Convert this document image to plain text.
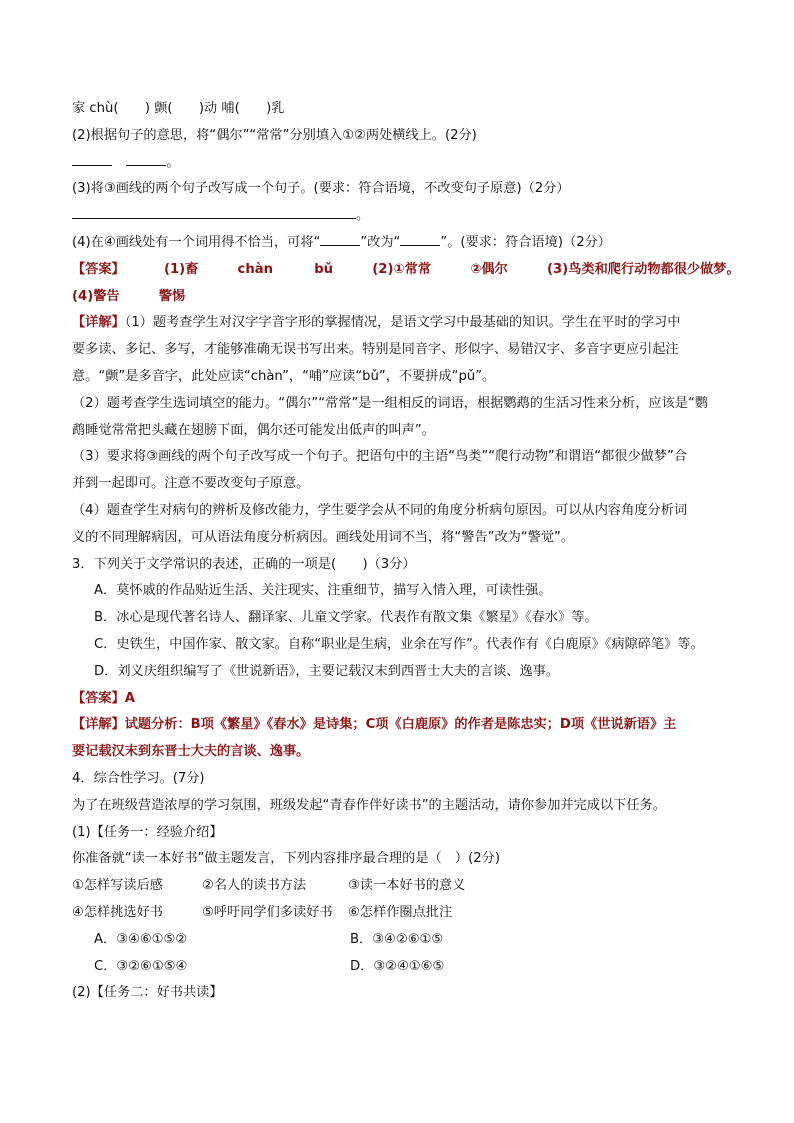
家 chù(　　) 颤(　　)动 哺(　　)乳
(2)根据句子的意思，将“偶尔”“常常”分别填入①②两处横线上。(2分)
。
(3)将③画线的两个句子改写成一个句子。(要求：符合语境，不改变句子原意)（2分）
。
(4)在④画线处有一个词用得不恰当，可将“	”改为“	”。(要求：符合语境)（2分）
【答案】	(1)畜	chàn	bǔ	(2)①常常	②偶尔	(3)鸟类和爬行动物都很少做梦。
(4)警告	警惕
【详解】（1）题考查学生对汉字字音字形的掌握情况，是语文学习中最基础的知识。学生在平时的学习中
要多读、多记、多写，才能够准确无误书写出来。特别是同音字、形似字、易错汉字、多音字更应引起注
意。“颤”是多音字，此处应读“chàn”，“哺”应读“bǔ”，不要拼成“pǔ”。
（2）题考查学生选词填空的能力。“偶尔”“常常”是一组相反的词语，根据鹦鹉的生活习性来分析，应该是“鹦
鹉睡觉常常把头藏在翅膀下面，偶尔还可能发出低声的叫声”。
（3）要求将③画线的两个句子改写成一个句子。把语句中的主语“鸟类”“爬行动物”和谓语“都很少做梦”合
并到一起即可。注意不要改变句子原意。
（4）题查学生对病句的辨析及修改能力，学生要学会从不同的角度分析病句原因。可以从内容角度分析词
义的不同理解病因，可从语法角度分析病因。画线处用词不当，将“警告”改为“警觉”。
3．下列关于文学常识的表述，正确的一项是(　　)（3分）
A．莫怀戚的作品贴近生活、关注现实、注重细节，描写入情入理，可读性强。
B．冰心是现代著名诗人、翻译家、儿童文学家。代表作有散文集《繁星》《春水》等。
C．史铁生，中国作家、散文家。自称“职业是生病，业余在写作”。代表作有《白鹿原》《病隙碎笔》等。
D．刘义庆组织编写了《世说新语》，主要记载汉末到西晋士大夫的言谈、逸事。
【答案】A
【详解】试题分析：B项《繁星》《春水》是诗集；C项《白鹿原》的作者是陈忠实；D项《世说新语》主
要记载汉末到东晋士大夫的言谈、逸事。
4．综合性学习。(7分)
为了在班级营造浓厚的学习氛围，班级发起“青春作伴好读书”的主题活动，请你参加并完成以下任务。
(1)【任务一：经验介绍】
你准备就“读一本好书”做主题发言，下列内容排序最合理的是（　）(2分)
①怎样写读后感	②名人的读书方法	③读一本好书的意义
④怎样挑选好书	⑤呼吁同学们多读好书 ⑥怎样作圈点批注
A．③④⑥①⑤②	B．③④②⑥①⑤
C．③②⑥①⑤④	D．③②④①⑥⑤
(2)【任务二：好书共读】
